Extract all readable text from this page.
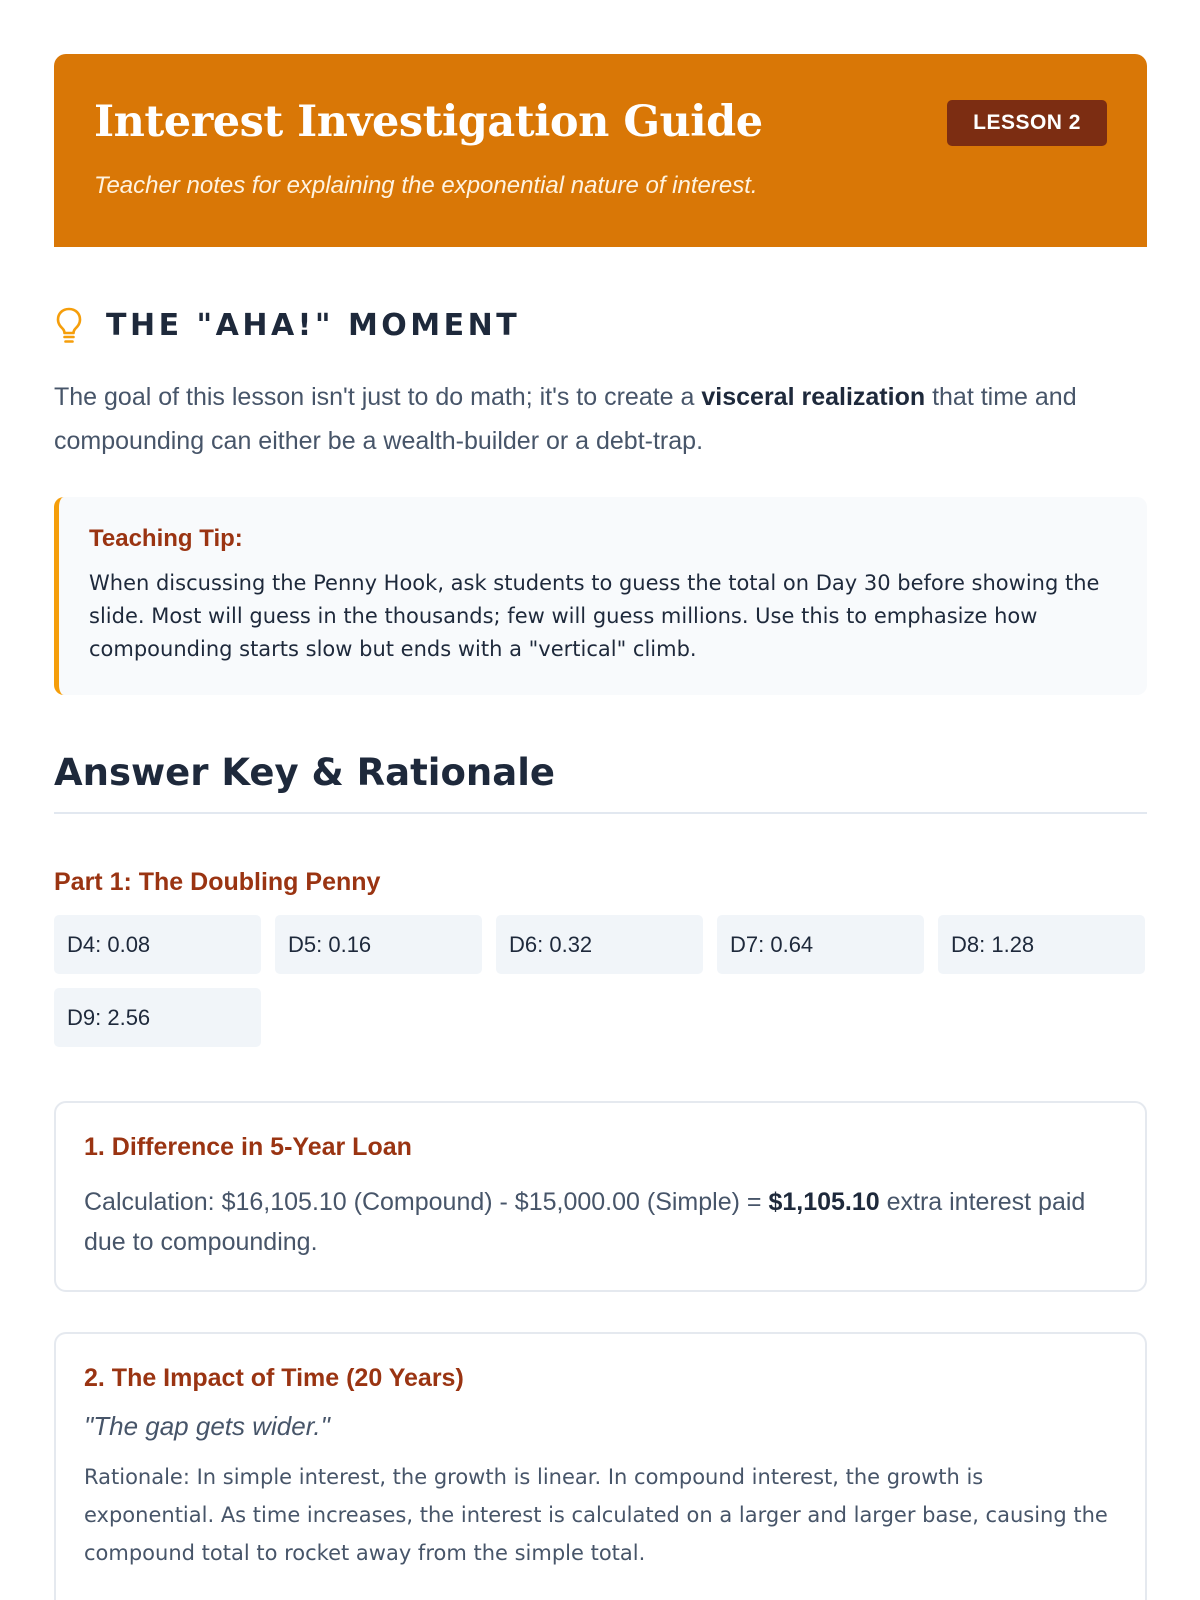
Interest Investigation Guide
Teacher notes for explaining the exponential nature of interest.
LESSON 2
THE "AHA!" MOMENT

The goal of this lesson isn't just to do math; it's to create a visceral realization that time and compounding can either be a wealth-builder or a debt-trap.

Teaching Tip:
When discussing the Penny Hook, ask students to guess the total on Day 30 before showing the slide. Most will guess in the thousands; few will guess millions. Use this to emphasize how compounding starts slow but ends with a "vertical" climb.
Answer Key & Rationale
Part 1: The Doubling Penny
D4: 0.08	D5: 0.16	D6: 0.32	D7: 0.64	D8: 1.28
D9: 2.56
1. Difference in 5-Year Loan

Calculation: $16,105.10 (Compound) - $15,000.00 (Simple) = $1,105.10 extra interest paid due to compounding.

2. The Impact of Time (20 Years)
"The gap gets wider."
Rationale: In simple interest, the growth is linear. In compound interest, the growth is exponential. As time increases, the interest is calculated on a larger and larger base, causing the compound total to rocket away from the simple total.
